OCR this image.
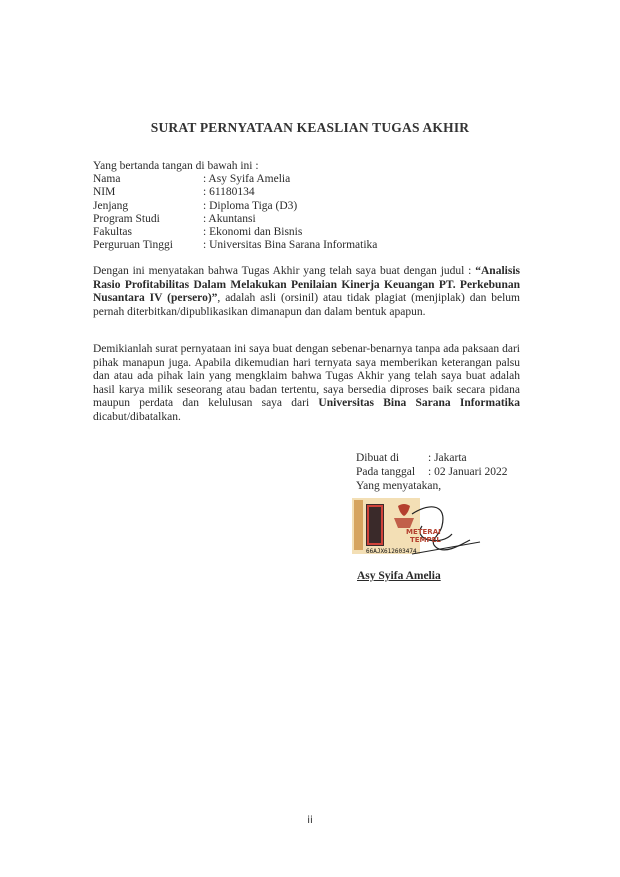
SURAT PERNYATAAN KEASLIAN TUGAS AKHIR
Yang bertanda tangan di bawah ini :
Nama	: Asy Syifa Amelia
NIM	: 61180134
Jenjang	: Diploma Tiga (D3)
Program Studi	: Akuntansi
Fakultas	: Ekonomi dan Bisnis
Perguruan Tinggi	: Universitas Bina Sarana Informatika
Dengan ini menyatakan bahwa Tugas Akhir yang telah saya buat dengan judul : “Analisis Rasio Profitabilitas Dalam Melakukan Penilaian Kinerja Keuangan PT. Perkebunan Nusantara IV (persero)”, adalah asli (orsinil) atau tidak plagiat (menjiplak) dan belum pernah diterbitkan/dipublikasikan dimanapun dan dalam bentuk apapun.
Demikianlah surat pernyataan ini saya buat dengan sebenar-benarnya tanpa ada paksaan dari pihak manapun juga. Apabila dikemudian hari ternyata saya memberikan keterangan palsu dan atau ada pihak lain yang mengklaim bahwa Tugas Akhir yang telah saya buat adalah hasil karya milik seseorang atau badan tertentu, saya bersedia diproses baik secara pidana maupun perdata dan kelulusan saya dari Universitas Bina Sarana Informatika dicabut/dibatalkan.
Dibuat di	: Jakarta
Pada tanggal	: 02 Januari 2022
Yang menyatakan,
METERAI
TEMPEL
66AJX612603474
Asy Syifa Amelia
ii
